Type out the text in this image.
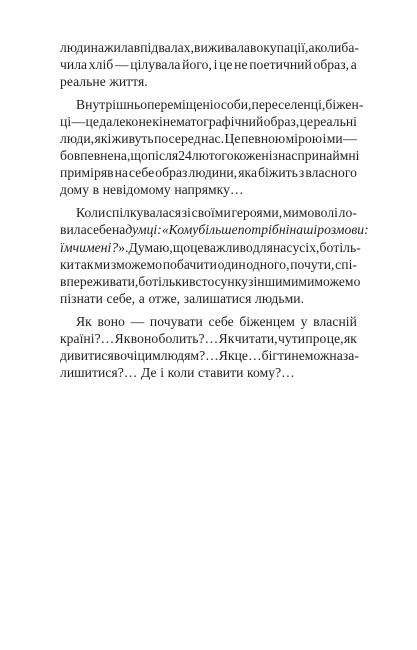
людина жила в підвалах, виживала в окупації, а коли ба-
чила хліб — цілувала його, і це не поетичний образ, а
реальне життя.
Внутрішньо переміщені особи, переселенці, біжен-
ці — це далеко не кінематографічний образ, це реальні
люди, які живуть посеред нас. Це певною мірою і ми —
бо впевнена, що після 24 лютого кожен із нас принаймні
приміряв на себе образ людини, яка біжить з власного
дому в невідомому напрямку…
Коли спілкувалася зі своїми героями, мимоволі ло-
вила себе на думці: «Кому більше потрібні наші розмови:
їм чи мені?». Думаю, що це важливо для нас усіх, бо тіль-
ки так ми зможемо побачити один одного, почути, спі-
впереживати, бо тільки в стосунку з іншими ми можемо
пізнати себе, а отже, залишатися людьми.
Як воно — почувати себе біженцем у власній
країні?… Як воно болить?… Як читати, чути про це, як
дивитися в очі цим людям?… Як це… бігти не можна за-
лишитися?… Де і коли ставити кому?…
